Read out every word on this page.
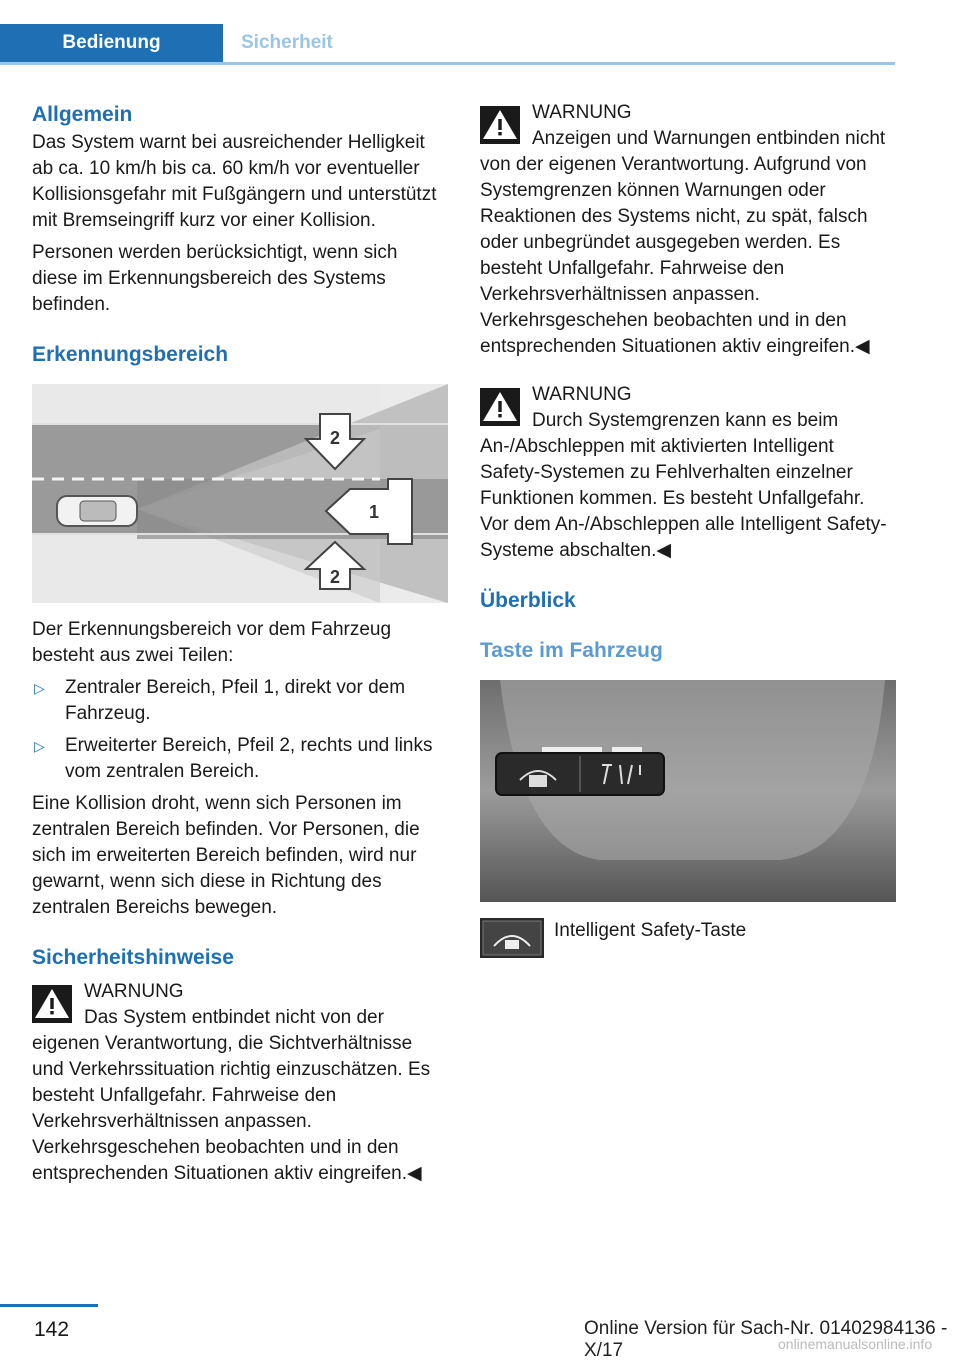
Bedienung	Sicherheit
Allgemein

Das System warnt bei ausreichender Helligkeit ab ca. 10 km/h bis ca. 60 km/h vor eventueller Kollisionsgefahr mit Fußgängern und unterstützt mit Bremseingriff kurz vor einer Kollision.

Personen werden berücksichtigt, wenn sich diese im Erkennungsbereich des Systems befinden.

Erkennungsbereich
2
1
2

Der Erkennungsbereich vor dem Fahrzeug besteht aus zwei Teilen:

▷ Zentraler Bereich, Pfeil 1, direkt vor dem Fahrzeug.
▷ Erweiterter Bereich, Pfeil 2, rechts und links vom zentralen Bereich.

Eine Kollision droht, wenn sich Personen im zentralen Bereich befinden. Vor Personen, die sich im erweiterten Bereich befinden, wird nur gewarnt, wenn sich diese in Richtung des zentralen Bereichs bewegen.

Sicherheitshinweise
WARNUNG
Das System entbindet nicht von der eigenen Verantwortung, die Sichtverhältnisse und Verkehrssituation richtig einzuschätzen. Es besteht Unfallgefahr. Fahrweise den Verkehrsverhältnissen anpassen. Verkehrsgeschehen beobachten und in den entsprechenden Situationen aktiv eingreifen.◀
WARNUNG
Anzeigen und Warnungen entbinden nicht von der eigenen Verantwortung. Aufgrund von Systemgrenzen können Warnungen oder Reaktionen des Systems nicht, zu spät, falsch oder unbegründet ausgegeben werden. Es besteht Unfallgefahr. Fahrweise den Verkehrsverhältnissen anpassen. Verkehrsgeschehen beobachten und in den entsprechenden Situationen aktiv eingreifen.◀
WARNUNG
Durch Systemgrenzen kann es beim An-/Abschleppen mit aktivierten Intelligent Safety-Systemen zu Fehlverhalten einzelner Funktionen kommen. Es besteht Unfallgefahr. Vor dem An-/Abschleppen alle Intelligent Safety-Systeme abschalten.◀
Überblick
Taste im Fahrzeug
Intelligent Safety-Taste
142	Online Version für Sach-Nr. 01402984136 - X/17	onlinemanualsonline.info
